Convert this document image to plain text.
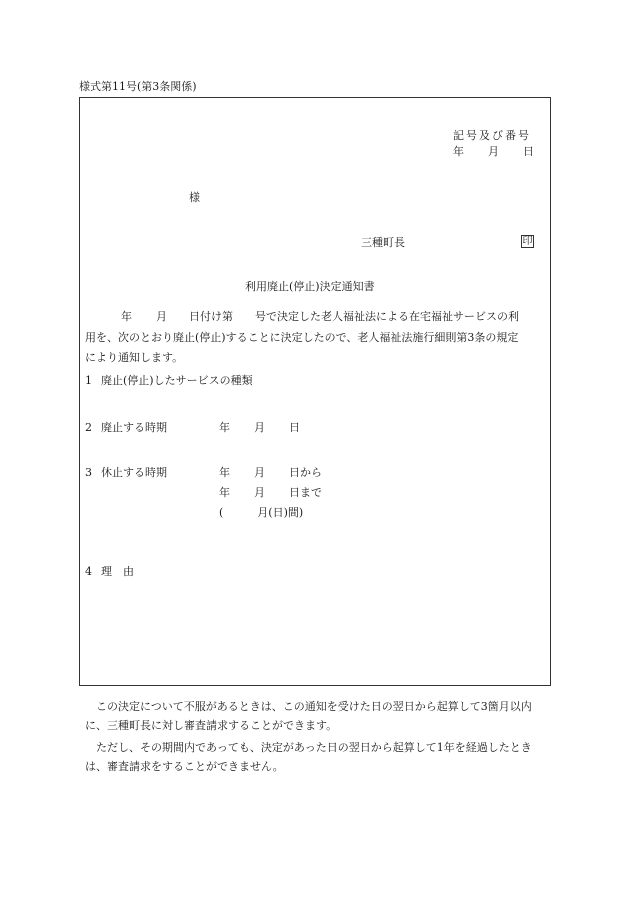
様式第11号(第3条関係)
記号及び番号
年 月 日
様
三種町長	印
利用廃止(停止)決定通知書
年 月 日付け第　　号で決定した老人福祉法による在宅福祉サービスの利
用を、次のとおり廃止(停止)することに決定したので、老人福祉法施行細則第3条の規定
により通知します。
1 廃止(停止)したサービスの種類
2 廃止する時期	年 月 日
3 休止する時期	年 月 日から
年 月 日まで
(	月(日)間)
4 理　由
　この決定について不服があるときは、この通知を受けた日の翌日から起算して3箇月以内
に、三種町長に対し審査請求することができます。
　ただし、その期間内であっても、決定があった日の翌日から起算して1年を経過したとき
は、審査請求をすることができません。
